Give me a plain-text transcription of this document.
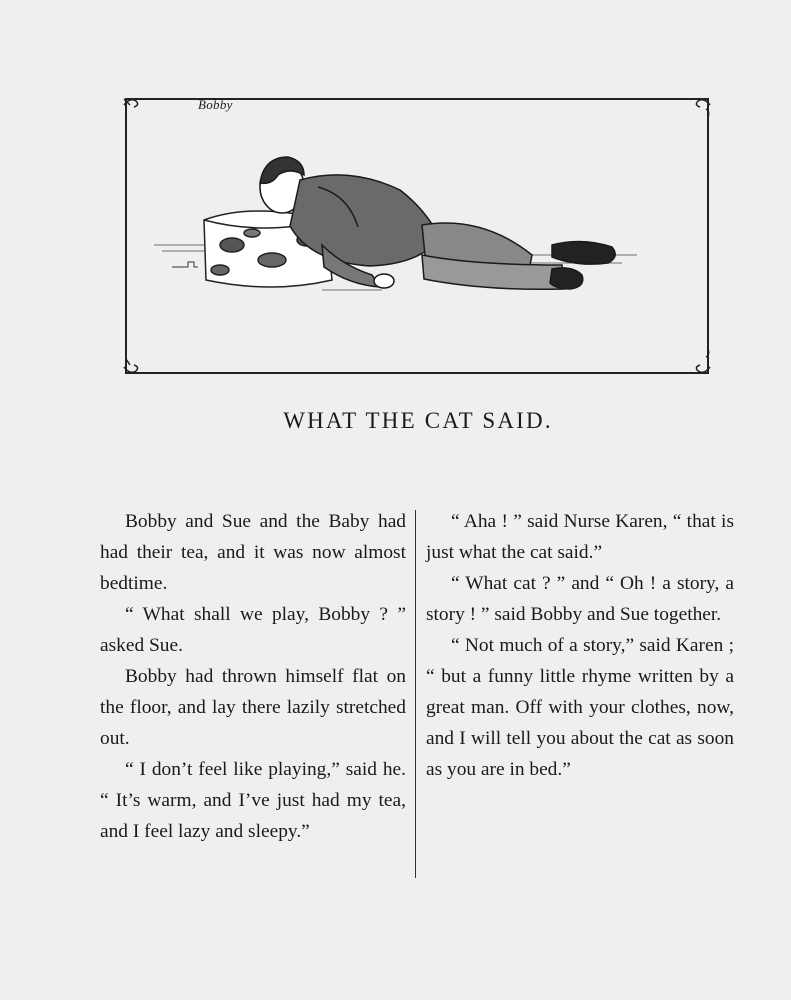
Bobby
WHAT THE CAT SAID.

Bobby and Sue and the Baby had had their tea, and it was now almost bedtime.

“ What shall we play, Bobby ? ” asked Sue.

Bobby had thrown himself flat on the floor, and lay there lazily stretched out.

“ I don’t feel like playing,” said he. “ It’s warm, and I’ve just had my tea, and I feel lazy and sleepy.”

“ Aha ! ” said Nurse Karen, “ that is just what the cat said.”

“ What cat ? ” and “ Oh ! a story, a story ! ” said Bobby and Sue together.

“ Not much of a story,” said Karen ; “ but a funny little rhyme written by a great man. Off with your clothes, now, and I will tell you about the cat as soon as you are in bed.”
